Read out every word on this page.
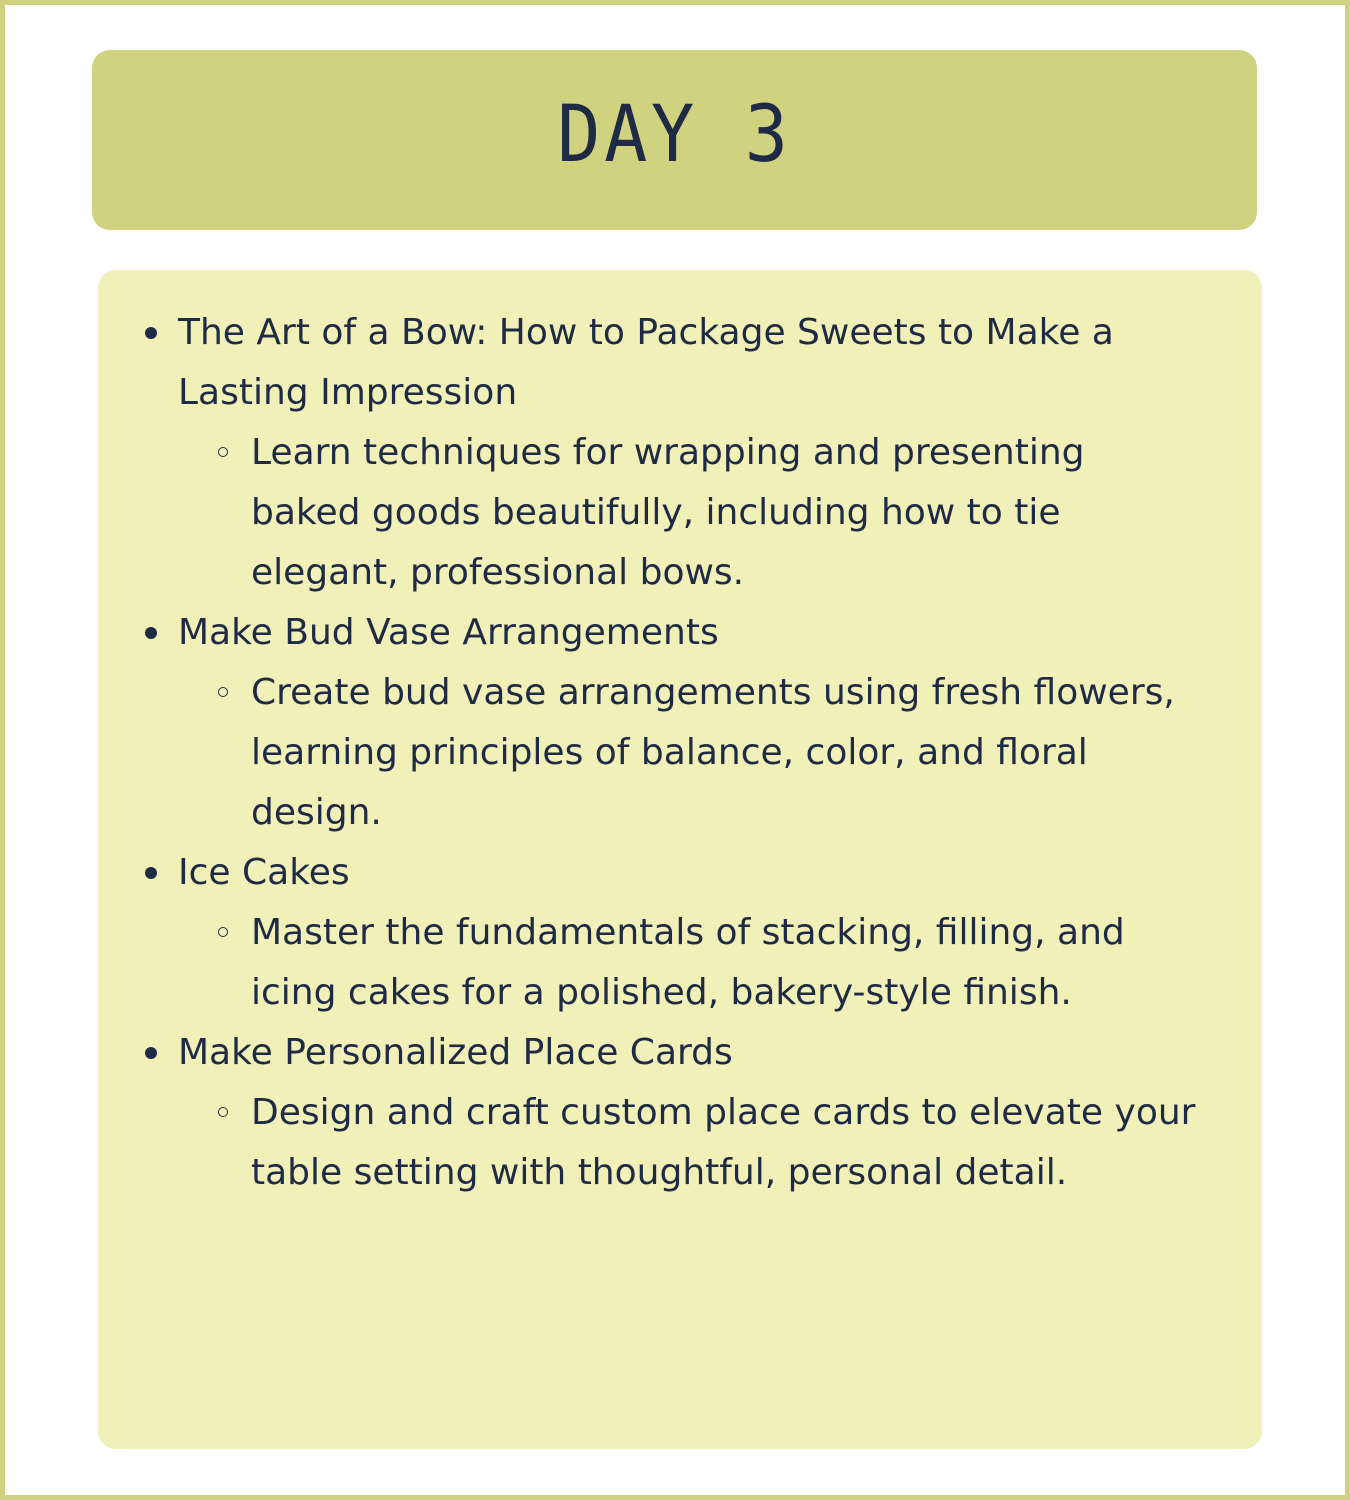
DAY 3
The Art of a Bow: How to Package Sweets to Make a Lasting Impression
Learn techniques for wrapping and presenting baked goods beautifully, including how to tie elegant, professional bows.
Make Bud Vase Arrangements
Create bud vase arrangements using fresh flowers, learning principles of balance, color, and floral design.
Ice Cakes
Master the fundamentals of stacking, filling, and icing cakes for a polished, bakery-style finish.
Make Personalized Place Cards
Design and craft custom place cards to elevate your table setting with thoughtful, personal detail.
